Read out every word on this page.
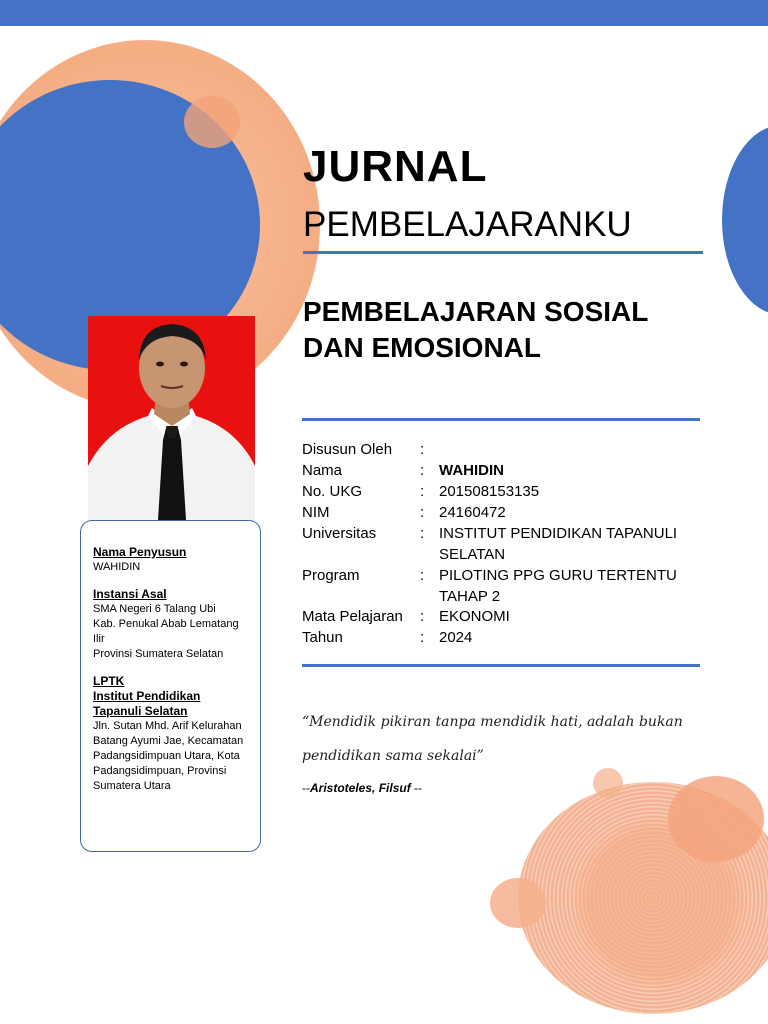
Nama Penyusun
WAHIDIN
Instansi Asal
SMA Negeri 6 Talang Ubi
Kab. Penukal Abab Lematang Ilir
Provinsi Sumatera Selatan
LPTK
Institut Pendidikan Tapanuli Selatan
Jln. Sutan Mhd. Arif Kelurahan Batang Ayumi Jae, Kecamatan Padangsidimpuan Utara, Kota Padangsidimpuan, Provinsi Sumatera Utara
JURNAL
PEMBELAJARANKU
PEMBELAJARAN SOSIAL DAN EMOSIONAL
Disusun Oleh	:
Nama	: WAHIDIN
No. UKG	: 201508153135
NIM	: 24160472
Universitas	: INSTITUT PENDIDIKAN TAPANULI SELATAN
Program	: PILOTING PPG GURU TERTENTU TAHAP 2
Mata Pelajaran	: EKONOMI
Tahun	: 2024
“Mendidik pikiran tanpa mendidik hati, adalah bukan pendidikan sama sekalai”
--Aristoteles, Filsuf --
